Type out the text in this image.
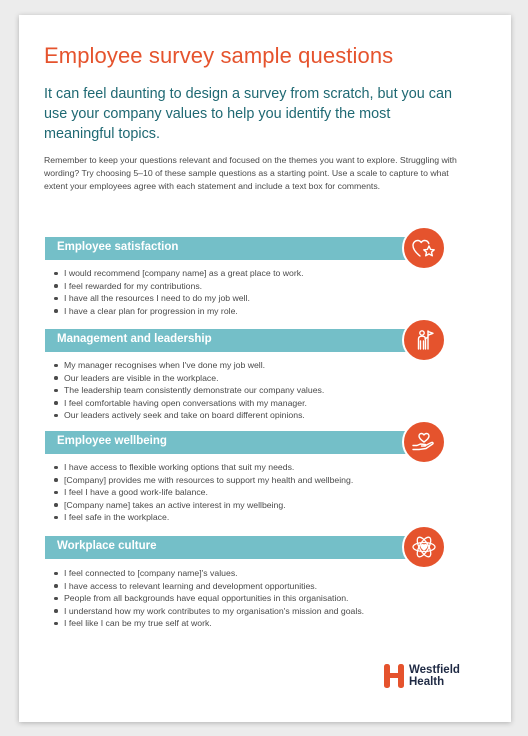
Employee survey sample questions

It can feel daunting to design a survey from scratch, but you can use your company values to help you identify the most meaningful topics.

Remember to keep your questions relevant and focused on the themes you want to explore. Struggling with wording? Try choosing 5–10 of these sample questions as a starting point. Use a scale to capture to what extent your employees agree with each statement and include a text box for comments.

Employee satisfaction
I would recommend [company name] as a great place to work.
I feel rewarded for my contributions.
I have all the resources I need to do my job well.
I have a clear plan for progression in my role.
Management and leadership
My manager recognises when I've done my job well.
Our leaders are visible in the workplace.
The leadership team consistently demonstrate our company values.
I feel comfortable having open conversations with my manager.
Our leaders actively seek and take on board different opinions.
Employee wellbeing
I have access to flexible working options that suit my needs.
[Company] provides me with resources to support my health and wellbeing.
I feel I have a good work-life balance.
[Company name] takes an active interest in my wellbeing.
I feel safe in the workplace.
Workplace culture
I feel connected to [company name]'s values.
I have access to relevant learning and development opportunities.
People from all backgrounds have equal opportunities in this organisation.
I understand how my work contributes to my organisation's mission and goals.
I feel like I can be my true self at work.
Westfield
Health
